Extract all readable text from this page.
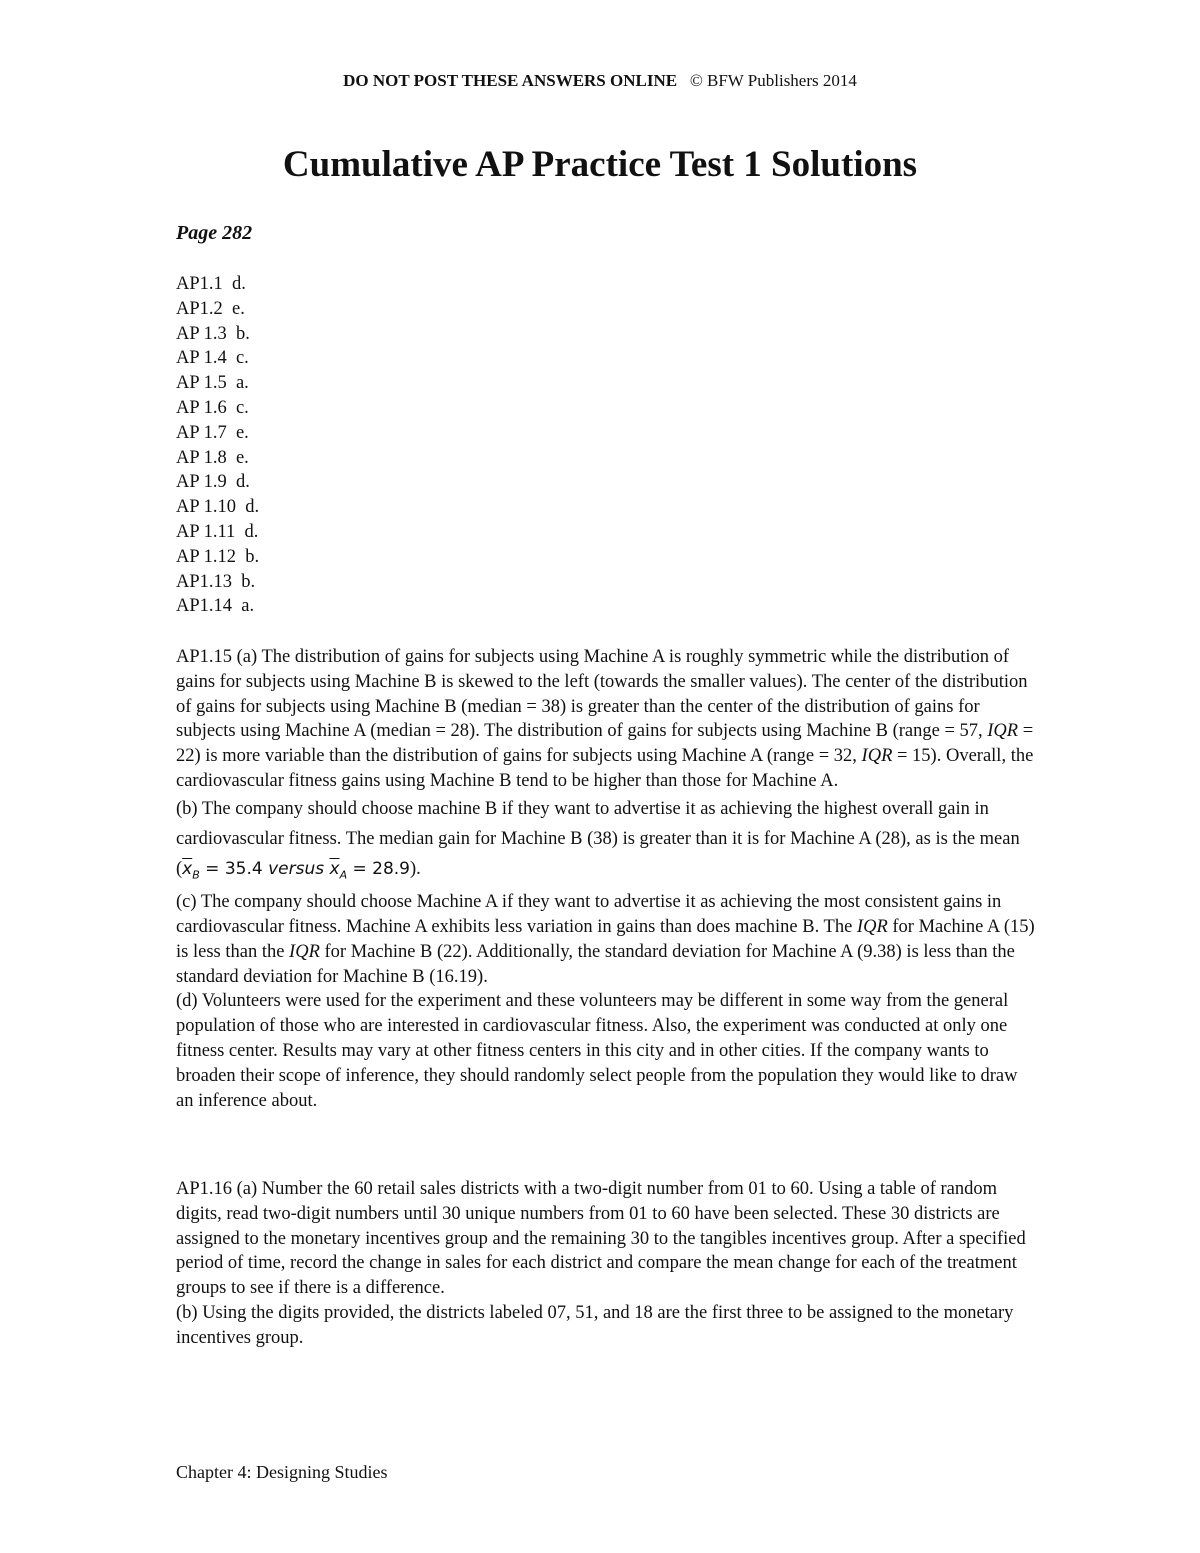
DO NOT POST THESE ANSWERS ONLINE © BFW Publishers 2014
Cumulative AP Practice Test 1 Solutions
Page 282
AP1.1  d.
AP1.2  e.
AP 1.3  b.
AP 1.4  c.
AP 1.5  a.
AP 1.6  c.
AP 1.7  e.
AP 1.8  e.
AP 1.9  d.
AP 1.10  d.
AP 1.11  d.
AP 1.12  b.
AP1.13  b.
AP1.14  a.

AP1.15 (a) The distribution of gains for subjects using Machine A is roughly symmetric while the distribution of gains for subjects using Machine B is skewed to the left (towards the smaller values). The center of the distribution of gains for subjects using Machine B (median = 38) is greater than the center of the distribution of gains for subjects using Machine A (median = 28). The distribution of gains for subjects using Machine B (range = 57, IQR = 22) is more variable than the distribution of gains for subjects using Machine A (range = 32, IQR = 15). Overall, the cardiovascular fitness gains using Machine B tend to be higher than those for Machine A.

(b) The company should choose machine B if they want to advertise it as achieving the highest overall gain in cardiovascular fitness. The median gain for Machine B (38) is greater than it is for Machine A (28), as is the mean ($\overline{x}_B = 35.4$ versus $\overline{x}_A = 28.9$).

(c) The company should choose Machine A if they want to advertise it as achieving the most consistent gains in cardiovascular fitness. Machine A exhibits less variation in gains than does machine B. The IQR for Machine A (15) is less than the IQR for Machine B (22). Additionally, the standard deviation for Machine A (9.38) is less than the standard deviation for Machine B (16.19).

(d) Volunteers were used for the experiment and these volunteers may be different in some way from the general population of those who are interested in cardiovascular fitness. Also, the experiment was conducted at only one fitness center. Results may vary at other fitness centers in this city and in other cities. If the company wants to broaden their scope of inference, they should randomly select people from the population they would like to draw an inference about.

AP1.16 (a) Number the 60 retail sales districts with a two-digit number from 01 to 60. Using a table of random digits, read two-digit numbers until 30 unique numbers from 01 to 60 have been selected. These 30 districts are assigned to the monetary incentives group and the remaining 30 to the tangibles incentives group. After a specified period of time, record the change in sales for each district and compare the mean change for each of the treatment groups to see if there is a difference.

(b) Using the digits provided, the districts labeled 07, 51, and 18 are the first three to be assigned to the monetary incentives group.

Chapter 4: Designing Studies
